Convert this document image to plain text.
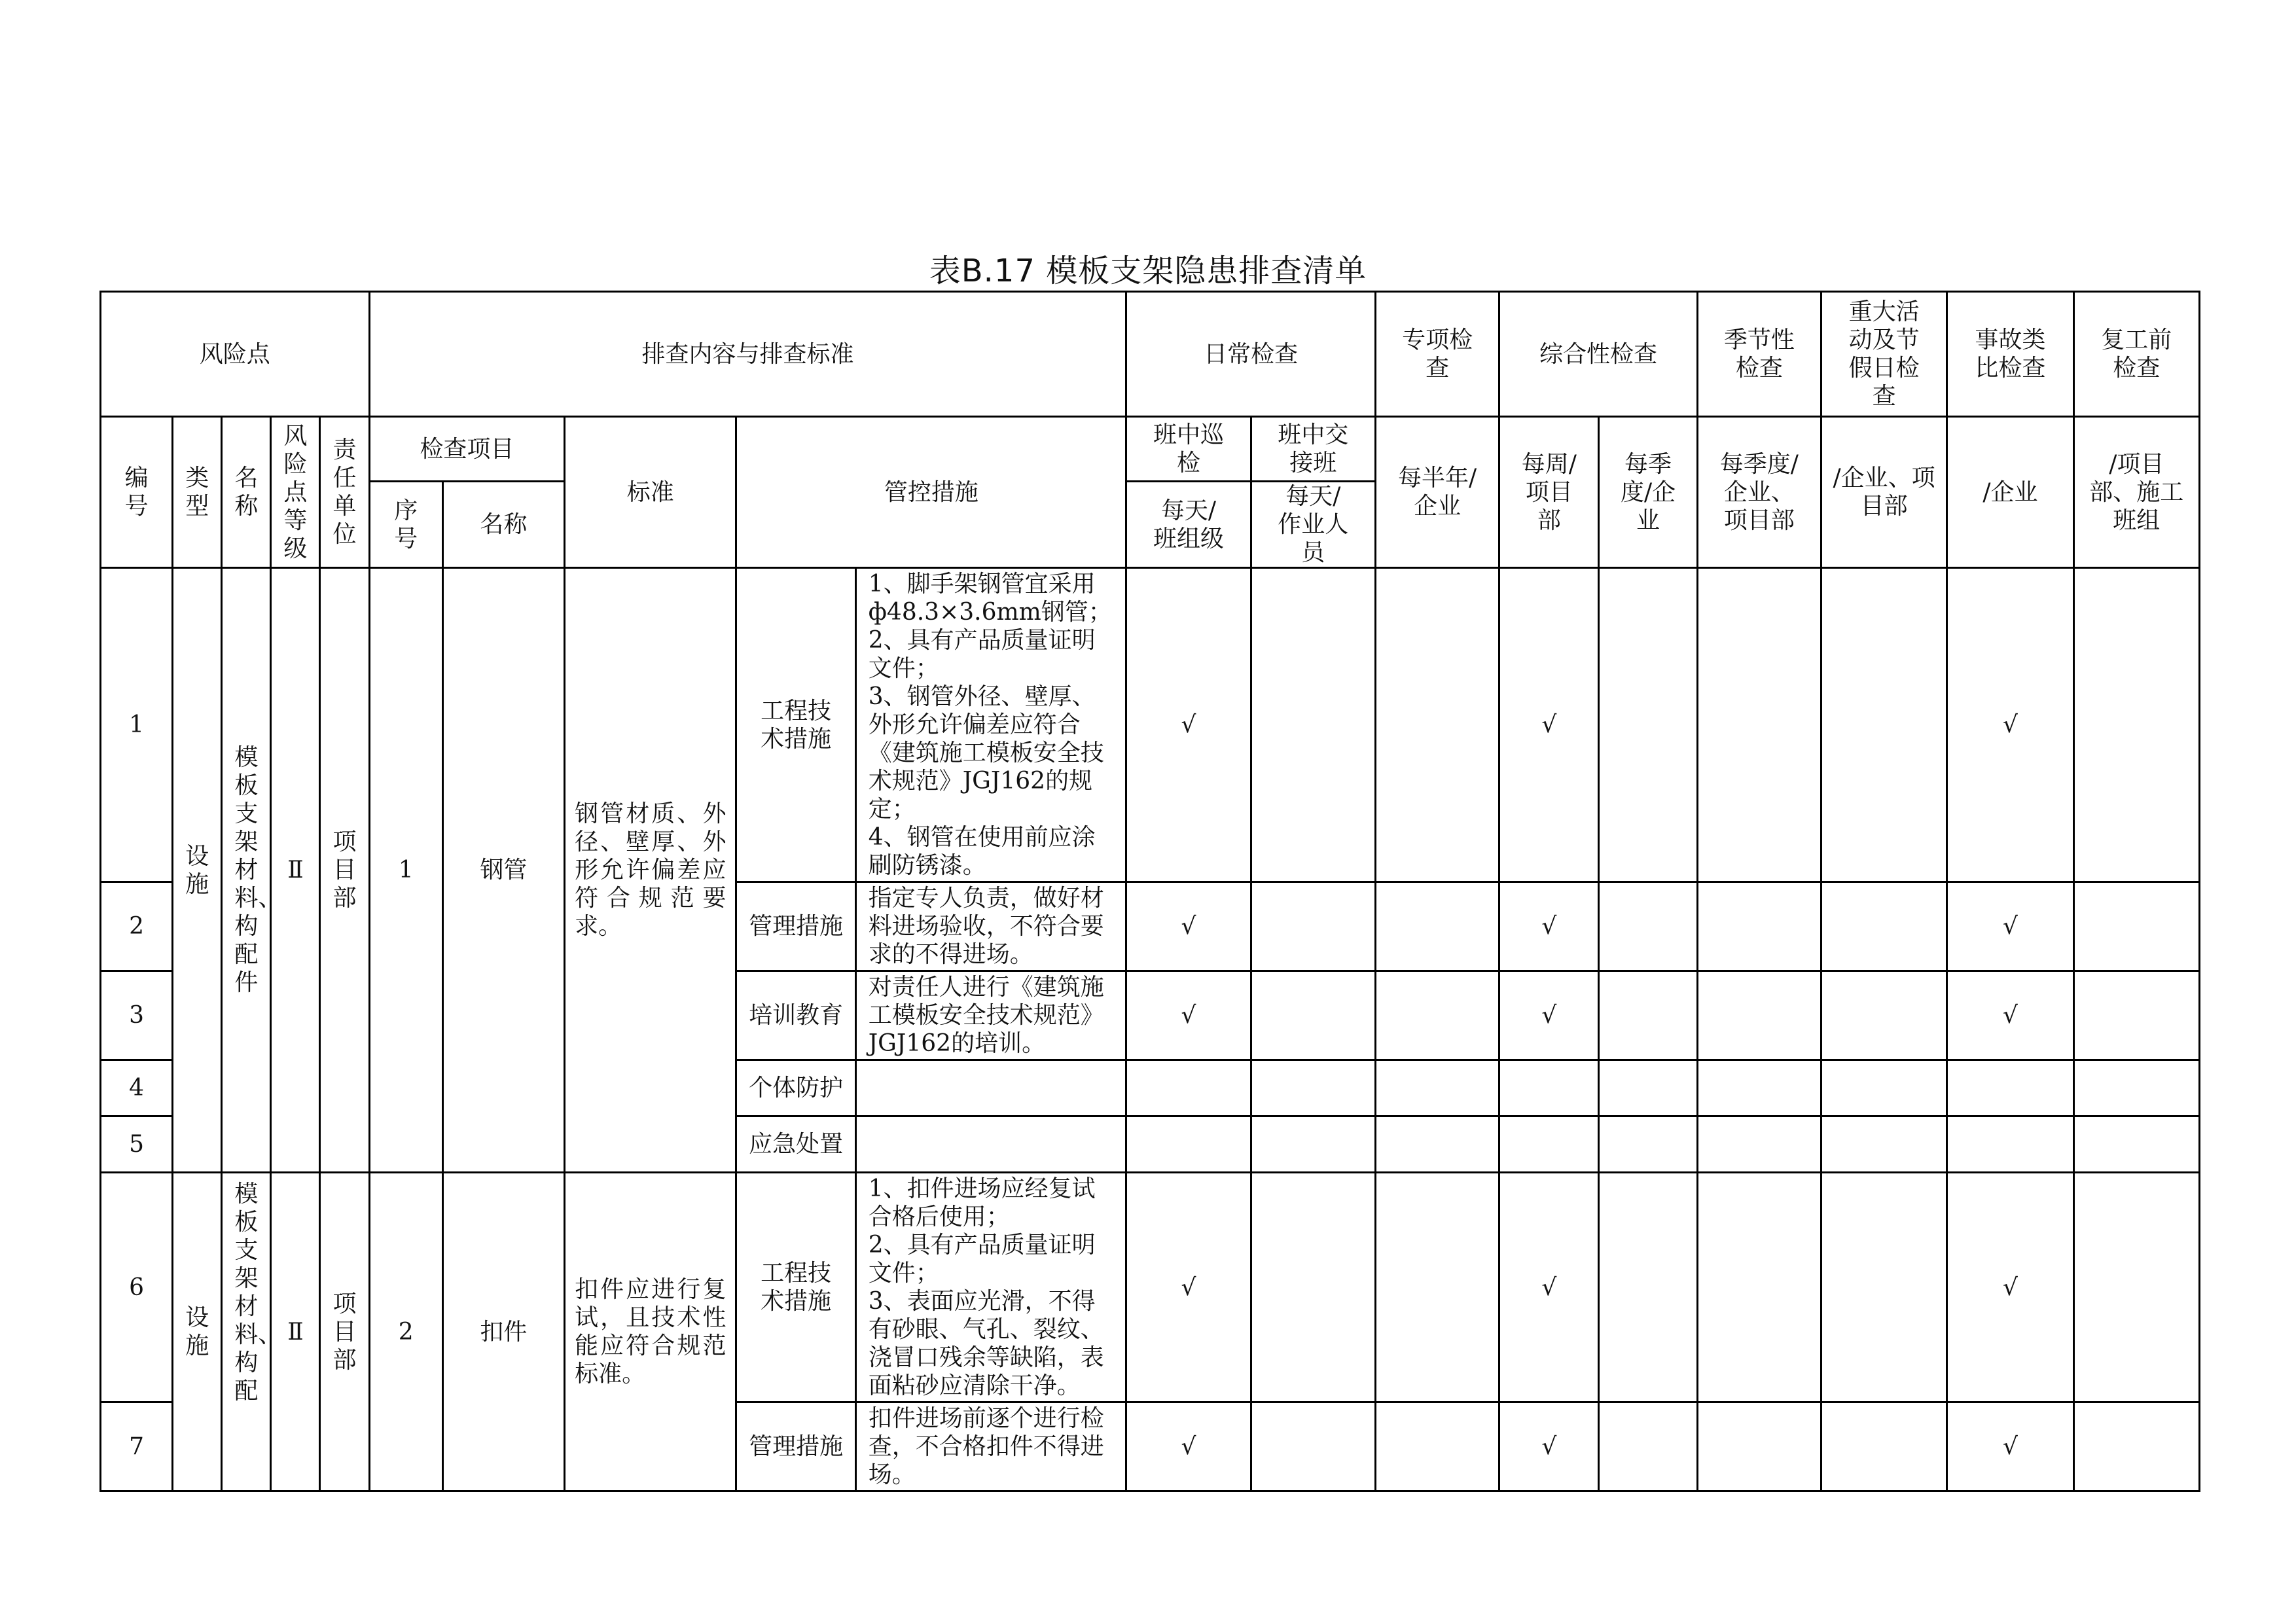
表B.17 模板支架隐患排查清单
风险点					排查内容与排查标准					日常检查		专项检查	综合性检查		季节性检查	重大活动及节假日检查	事故类比检查	复工前检查

编号	类型	名称	风险点等级	责任单位	检查项目		标准	管控措施		班中巡检	班中交接班	每半年/企业	每周/项目部	每季度/企业	每季度/企业、项目部	/企业、项目部	/企业	/项目部、施工班组

					序号	名称				每天/班组级	每天/作业人员							

1	设施	模板支架材料、构配件	Ⅱ	项目部	1	钢管	钢管材质、外径、壁厚、外形允许偏差应符合规范要求。	工程技术措施	1、脚手架钢管宜采用ф48.3×3.6mm钢管；
2、具有产品质量证明文件；
3、钢管外径、壁厚、外形允许偏差应符合《建筑施工模板安全技术规范》JGJ162的规定；
4、钢管在使用前应涂刷防锈漆。	√			√				√	
2								管理措施	指定专人负责，做好材料进场验收，不符合要求的不得进场。	√			√				√	
3								培训教育	对责任人进行《建筑施工模板安全技术规范》JGJ162的培训。	√			√				√	
4								个体防护										
5								应急处置										
6	设施	模板支架材料、构配	Ⅱ	项目部	2	扣件	扣件应进行复试，且技术性能应符合规范标准。	工程技术措施	1、扣件进场应经复试合格后使用；
2、具有产品质量证明文件；
3、表面应光滑，不得有砂眼、气孔、裂纹、浇冒口残余等缺陷，表面粘砂应清除干净。	√			√				√	
7								管理措施	扣件进场前逐个进行检查，不合格扣件不得进场。	√			√				√	
